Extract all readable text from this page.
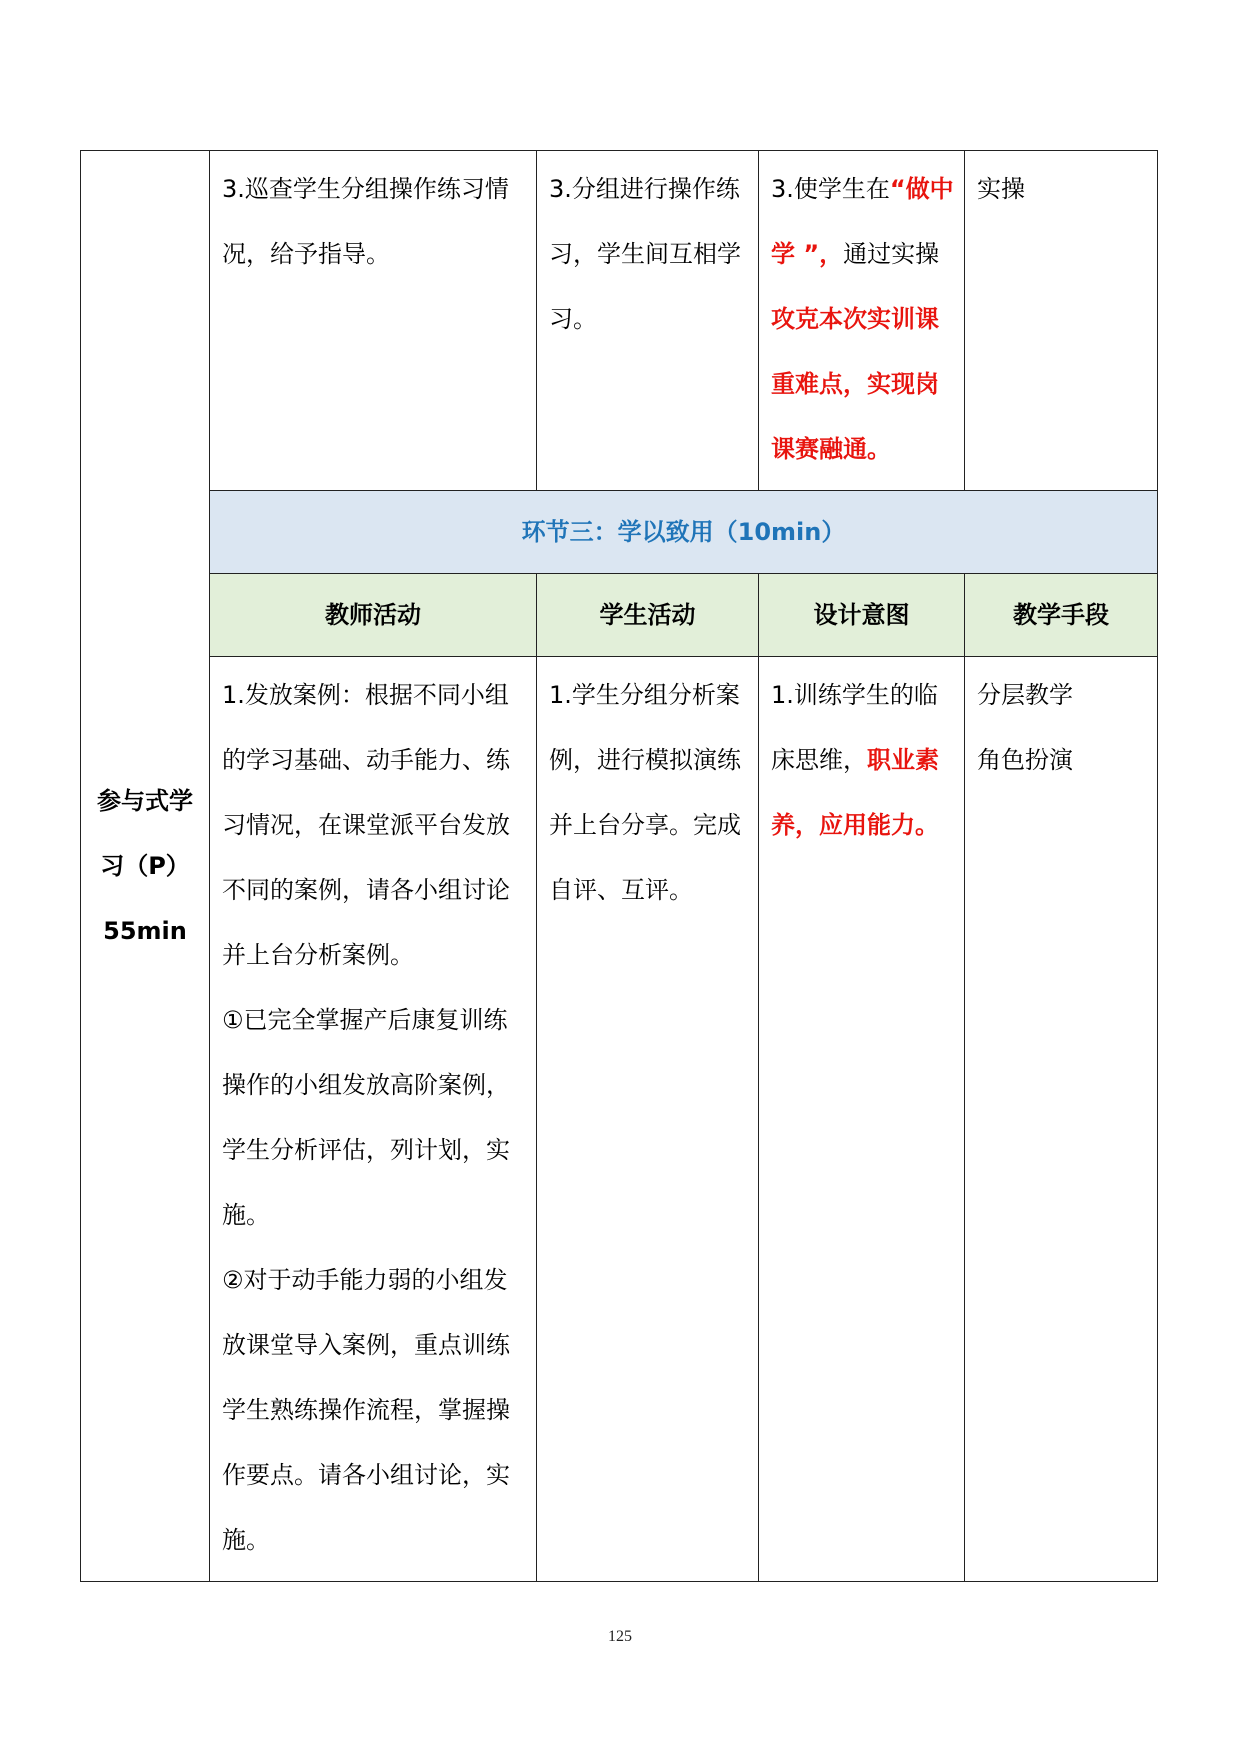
参与式学
习（P）
55min	3.巡查学生分组操作练习情况，给予指导。	3.分组进行操作练习，学生间互相学习。	3.使学生在“做中学 ”，通过实操攻克本次实训课重难点，实现岗课赛融通。	实操

	环节三：学以致用（10min）			
	教师活动	学生活动	设计意图	教学手段

	1.发放案例：根据不同小组的学习基础、动手能力、练习情况，在课堂派平台发放不同的案例，请各小组讨论并上台分析案例。
①已完全掌握产后康复训练操作的小组发放高阶案例，学生分析评估，列计划，实施。
②对于动手能力弱的小组发放课堂导入案例，重点训练学生熟练操作流程，掌握操作要点。请各小组讨论，实施。	1.学生分组分析案例，进行模拟演练并上台分享。完成自评、互评。	1.训练学生的临床思维，职业素养，应用能力。	分层教学
角色扮演
125
